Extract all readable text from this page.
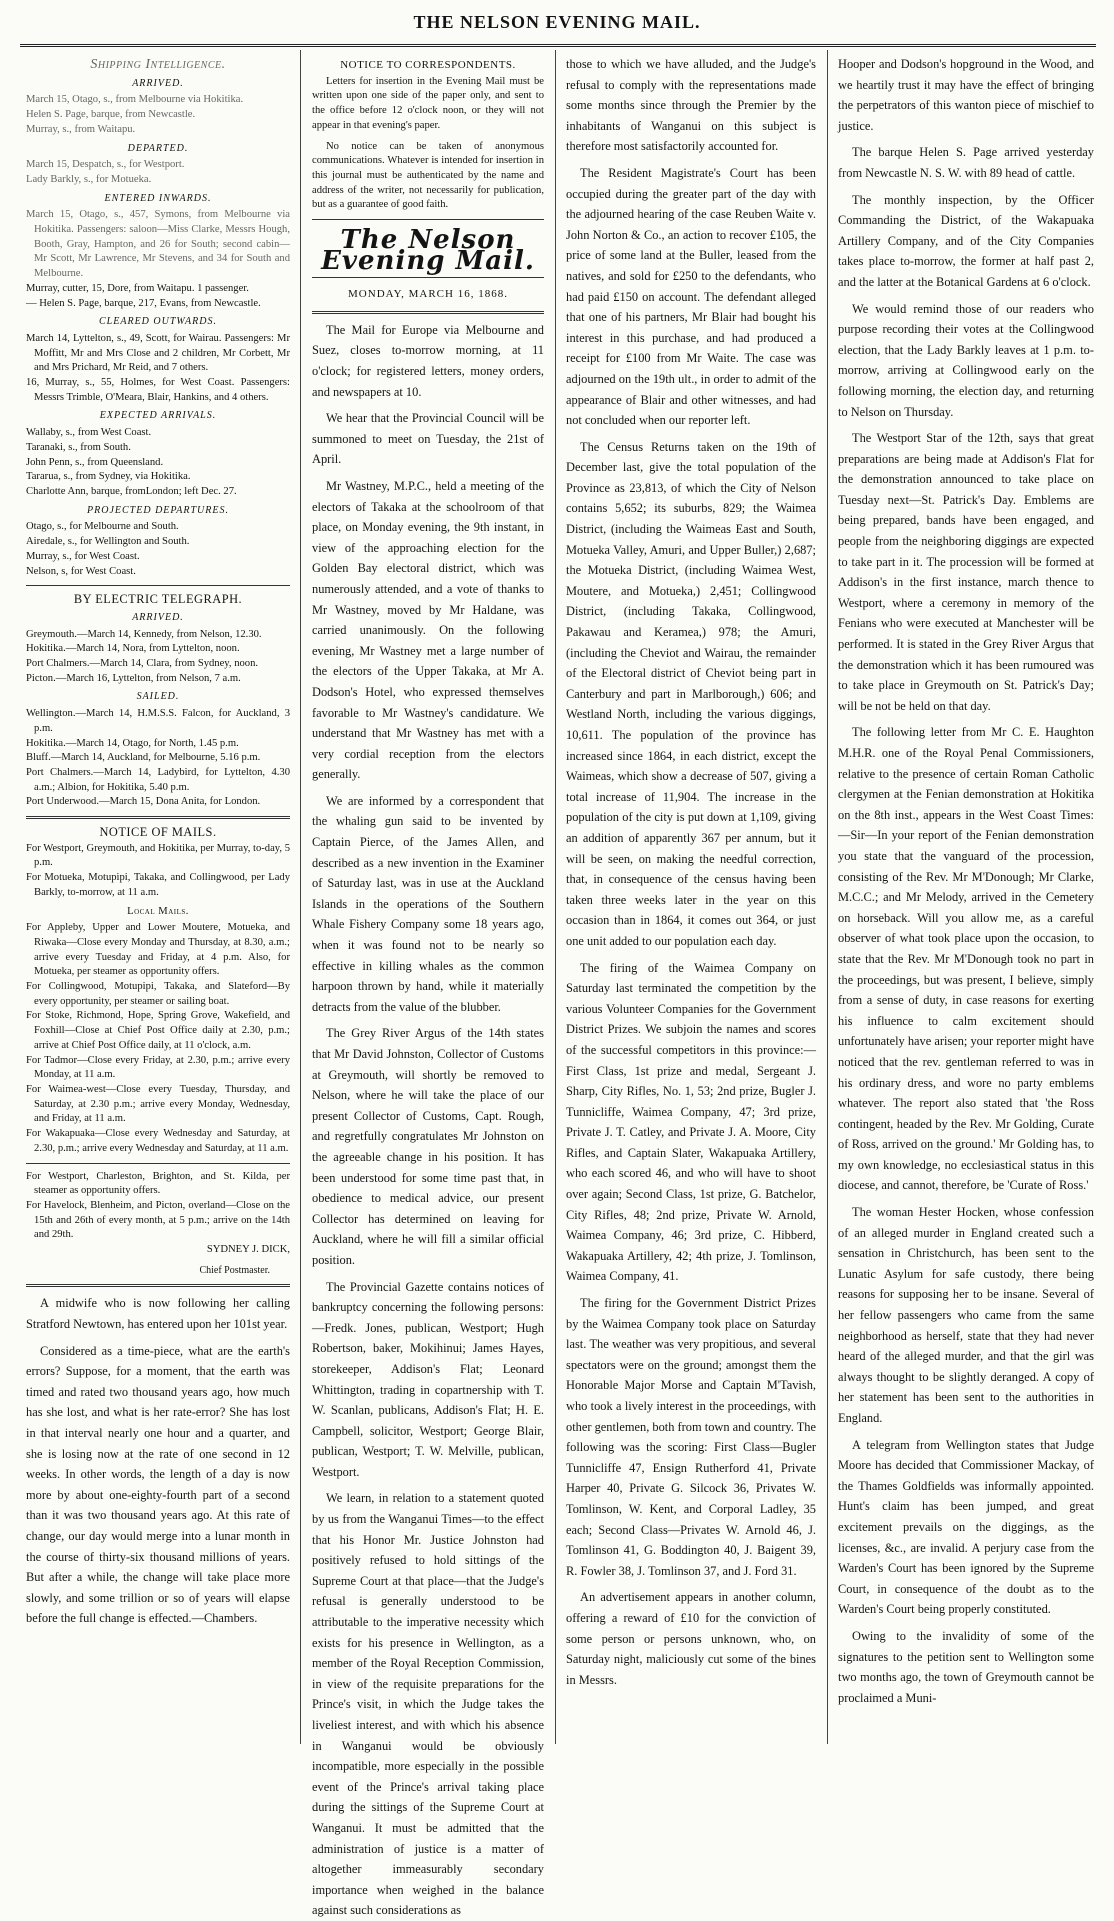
THE NELSON EVENING MAIL.
Shipping Intelligence.
ARRIVED.

March 15, Otago, s., from Melbourne via Hokitika.

Helen S. Page, barque, from Newcastle.

Murray, s., from Waitapu.

DEPARTED.

March 15, Despatch, s., for Westport.

Lady Barkly, s., for Motueka.

ENTERED INWARDS.

March 15, Otago, s., 457, Symons, from Melbourne via Hokitika. Passengers: saloon—Miss Clarke, Messrs Hough, Booth, Gray, Hampton, and 26 for South; second cabin—Mr Scott, Mr Lawrence, Mr Stevens, and 34 for South and Melbourne.

Murray, cutter, 15, Dore, from Waitapu. 1 passenger.

— Helen S. Page, barque, 217, Evans, from Newcastle.

CLEARED OUTWARDS.

March 14, Lyttelton, s., 49, Scott, for Wairau. Passengers: Mr Moffitt, Mr and Mrs Close and 2 children, Mr Corbett, Mr and Mrs Prichard, Mr Reid, and 7 others.

16, Murray, s., 55, Holmes, for West Coast. Passengers: Messrs Trimble, O'Meara, Blair, Hankins, and 4 others.

EXPECTED ARRIVALS.

Wallaby, s., from West Coast.

Taranaki, s., from South.

John Penn, s., from Queensland.

Tararua, s., from Sydney, via Hokitika.

Charlotte Ann, barque, fromLondon; left Dec. 27.

PROJECTED DEPARTURES.

Otago, s., for Melbourne and South.

Airedale, s., for Wellington and South.

Murray, s., for West Coast.

Nelson, s, for West Coast.

BY ELECTRIC TELEGRAPH.
ARRIVED.

Greymouth.—March 14, Kennedy, from Nelson, 12.30.

Hokitika.—March 14, Nora, from Lyttelton, noon.

Port Chalmers.—March 14, Clara, from Sydney, noon.

Picton.—March 16, Lyttelton, from Nelson, 7 a.m.

SAILED.

Wellington.—March 14, H.M.S.S. Falcon, for Auckland, 3 p.m.

Hokitika.—March 14, Otago, for North, 1.45 p.m.

Bluff.—March 14, Auckland, for Melbourne, 5.16 p.m.

Port Chalmers.—March 14, Ladybird, for Lyttelton, 4.30 a.m.; Albion, for Hokitika, 5.40 p.m.

Port Underwood.—March 15, Dona Anita, for London.

NOTICE OF MAILS.

For Westport, Greymouth, and Hokitika, per Murray, to-day, 5 p.m.

For Motueka, Motupipi, Takaka, and Collingwood, per Lady Barkly, to-morrow, at 11 a.m.

Local Mails.

For Appleby, Upper and Lower Moutere, Motueka, and Riwaka—Close every Monday and Thursday, at 8.30, a.m.; arrive every Tuesday and Friday, at 4 p.m. Also, for Motueka, per steamer as opportunity offers.

For Collingwood, Motupipi, Takaka, and Slateford—By every opportunity, per steamer or sailing boat.

For Stoke, Richmond, Hope, Spring Grove, Wakefield, and Foxhill—Close at Chief Post Office daily at 2.30, p.m.; arrive at Chief Post Office daily, at 11 o'clock, a.m.

For Tadmor—Close every Friday, at 2.30, p.m.; arrive every Monday, at 11 a.m.

For Waimea-west—Close every Tuesday, Thursday, and Saturday, at 2.30 p.m.; arrive every Monday, Wednesday, and Friday, at 11 a.m.

For Wakapuaka—Close every Wednesday and Saturday, at 2.30, p.m.; arrive every Wednesday and Saturday, at 11 a.m.

For Westport, Charleston, Brighton, and St. Kilda, per steamer as opportunity offers.

For Havelock, Blenheim, and Picton, overland—Close on the 15th and 26th of every month, at 5 p.m.; arrive on the 14th and 29th.

SYDNEY J. DICK,

Chief Postmaster.

A midwife who is now following her calling Stratford Newtown, has entered upon her 101st year.

Considered as a time-piece, what are the earth's errors? Suppose, for a moment, that the earth was timed and rated two thousand years ago, how much has she lost, and what is her rate-error? She has lost in that interval nearly one hour and a quarter, and she is losing now at the rate of one second in 12 weeks. In other words, the length of a day is now more by about one-eighty-fourth part of a second than it was two thousand years ago. At this rate of change, our day would merge into a lunar month in the course of thirty-six thousand millions of years. But after a while, the change will take place more slowly, and some trillion or so of years will elapse before the full change is effected.—Chambers.

NOTICE TO CORRESPONDENTS.

Letters for insertion in the Evening Mail must be written upon one side of the paper only, and sent to the office before 12 o'clock noon, or they will not appear in that evening's paper.

No notice can be taken of anonymous communications. Whatever is intended for insertion in this journal must be authenticated by the name and address of the writer, not necessarily for publication, but as a guarantee of good faith.

The Nelson Evening Mail.
MONDAY, MARCH 16, 1868.

The Mail for Europe via Melbourne and Suez, closes to-morrow morning, at 11 o'clock; for registered letters, money orders, and newspapers at 10.

We hear that the Provincial Council will be summoned to meet on Tuesday, the 21st of April.

Mr Wastney, M.P.C., held a meeting of the electors of Takaka at the schoolroom of that place, on Monday evening, the 9th instant, in view of the approaching election for the Golden Bay electoral district, which was numerously attended, and a vote of thanks to Mr Wastney, moved by Mr Haldane, was carried unanimously. On the following evening, Mr Wastney met a large number of the electors of the Upper Takaka, at Mr A. Dodson's Hotel, who expressed themselves favorable to Mr Wastney's candidature. We understand that Mr Wastney has met with a very cordial reception from the electors generally.

We are informed by a correspondent that the whaling gun said to be invented by Captain Pierce, of the James Allen, and described as a new invention in the Examiner of Saturday last, was in use at the Auckland Islands in the operations of the Southern Whale Fishery Company some 18 years ago, when it was found not to be nearly so effective in killing whales as the common harpoon thrown by hand, while it materially detracts from the value of the blubber.

The Grey River Argus of the 14th states that Mr David Johnston, Collector of Customs at Greymouth, will shortly be removed to Nelson, where he will take the place of our present Collector of Customs, Capt. Rough, and regretfully congratulates Mr Johnston on the agreeable change in his position. It has been understood for some time past that, in obedience to medical advice, our present Collector has determined on leaving for Auckland, where he will fill a similar official position.

The Provincial Gazette contains notices of bankruptcy concerning the following persons:—Fredk. Jones, publican, Westport; Hugh Robertson, baker, Mokihinui; James Hayes, storekeeper, Addison's Flat; Leonard Whittington, trading in copartnership with T. W. Scanlan, publicans, Addison's Flat; H. E. Campbell, solicitor, Westport; George Blair, publican, Westport; T. W. Melville, publican, Westport.

We learn, in relation to a statement quoted by us from the Wanganui Times—to the effect that his Honor Mr. Justice Johnston had positively refused to hold sittings of the Supreme Court at that place—that the Judge's refusal is generally understood to be attributable to the imperative necessity which exists for his presence in Wellington, as a member of the Royal Reception Commission, in view of the requisite preparations for the Prince's visit, in which the Judge takes the liveliest interest, and with which his absence in Wanganui would be obviously incompatible, more especially in the possible event of the Prince's arrival taking place during the sittings of the Supreme Court at Wanganui. It must be admitted that the administration of justice is a matter of altogether immeasurably secondary importance when weighed in the balance against such considerations as

those to which we have alluded, and the Judge's refusal to comply with the representations made some months since through the Premier by the inhabitants of Wanganui on this subject is therefore most satisfactorily accounted for.

The Resident Magistrate's Court has been occupied during the greater part of the day with the adjourned hearing of the case Reuben Waite v. John Norton & Co., an action to recover £105, the price of some land at the Buller, leased from the natives, and sold for £250 to the defendants, who had paid £150 on account. The defendant alleged that one of his partners, Mr Blair had bought his interest in this purchase, and had produced a receipt for £100 from Mr Waite. The case was adjourned on the 19th ult., in order to admit of the appearance of Blair and other witnesses, and had not concluded when our reporter left.

The Census Returns taken on the 19th of December last, give the total population of the Province as 23,813, of which the City of Nelson contains 5,652; its suburbs, 829; the Waimea District, (including the Waimeas East and South, Motueka Valley, Amuri, and Upper Buller,) 2,687; the Motueka District, (including Waimea West, Moutere, and Motueka,) 2,451; Collingwood District, (including Takaka, Collingwood, Pakawau and Keramea,) 978; the Amuri, (including the Cheviot and Wairau, the remainder of the Electoral district of Cheviot being part in Canterbury and part in Marlborough,) 606; and Westland North, including the various diggings, 10,611. The population of the province has increased since 1864, in each district, except the Waimeas, which show a decrease of 507, giving a total increase of 11,904. The increase in the population of the city is put down at 1,109, giving an addition of apparently 367 per annum, but it will be seen, on making the needful correction, that, in consequence of the census having been taken three weeks later in the year on this occasion than in 1864, it comes out 364, or just one unit added to our population each day.

The firing of the Waimea Company on Saturday last terminated the competition by the various Volunteer Companies for the Government District Prizes. We subjoin the names and scores of the successful competitors in this province:—First Class, 1st prize and medal, Sergeant J. Sharp, City Rifles, No. 1, 53; 2nd prize, Bugler J. Tunnicliffe, Waimea Company, 47; 3rd prize, Private J. T. Catley, and Private J. A. Moore, City Rifles, and Captain Slater, Wakapuaka Artillery, who each scored 46, and who will have to shoot over again; Second Class, 1st prize, G. Batchelor, City Rifles, 48; 2nd prize, Private W. Arnold, Waimea Company, 46; 3rd prize, C. Hibberd, Wakapuaka Artillery, 42; 4th prize, J. Tomlinson, Waimea Company, 41.

The firing for the Government District Prizes by the Waimea Company took place on Saturday last. The weather was very propitious, and several spectators were on the ground; amongst them the Honorable Major Morse and Captain M'Tavish, who took a lively interest in the proceedings, with other gentlemen, both from town and country. The following was the scoring: First Class—Bugler Tunnicliffe 47, Ensign Rutherford 41, Private Harper 40, Private G. Silcock 36, Privates W. Tomlinson, W. Kent, and Corporal Ladley, 35 each; Second Class—Privates W. Arnold 46, J. Tomlinson 41, G. Boddington 40, J. Baigent 39, R. Fowler 38, J. Tomlinson 37, and J. Ford 31.

An advertisement appears in another column, offering a reward of £10 for the conviction of some person or persons unknown, who, on Saturday night, maliciously cut some of the bines in Messrs.

Hooper and Dodson's hopground in the Wood, and we heartily trust it may have the effect of bringing the perpetrators of this wanton piece of mischief to justice.

The barque Helen S. Page arrived yesterday from Newcastle N. S. W. with 89 head of cattle.

The monthly inspection, by the Officer Commanding the District, of the Wakapuaka Artillery Company, and of the City Companies takes place to-morrow, the former at half past 2, and the latter at the Botanical Gardens at 6 o'clock.

We would remind those of our readers who purpose recording their votes at the Collingwood election, that the Lady Barkly leaves at 1 p.m. to-morrow, arriving at Collingwood early on the following morning, the election day, and returning to Nelson on Thursday.

The Westport Star of the 12th, says that great preparations are being made at Addison's Flat for the demonstration announced to take place on Tuesday next—St. Patrick's Day. Emblems are being prepared, bands have been engaged, and people from the neighboring diggings are expected to take part in it. The procession will be formed at Addison's in the first instance, march thence to Westport, where a ceremony in memory of the Fenians who were executed at Manchester will be performed. It is stated in the Grey River Argus that the demonstration which it has been rumoured was to take place in Greymouth on St. Patrick's Day; will be not be held on that day.

The following letter from Mr C. E. Haughton M.H.R. one of the Royal Penal Commissioners, relative to the presence of certain Roman Catholic clergymen at the Fenian demonstration at Hokitika on the 8th inst., appears in the West Coast Times:—Sir—In your report of the Fenian demonstration you state that the vanguard of the procession, consisting of the Rev. Mr M'Donough; Mr Clarke, M.C.C.; and Mr Melody, arrived in the Cemetery on horseback. Will you allow me, as a careful observer of what took place upon the occasion, to state that the Rev. Mr M'Donough took no part in the proceedings, but was present, I believe, simply from a sense of duty, in case reasons for exerting his influence to calm excitement should unfortunately have arisen; your reporter might have noticed that the rev. gentleman referred to was in his ordinary dress, and wore no party emblems whatever. The report also stated that 'the Ross contingent, headed by the Rev. Mr Golding, Curate of Ross, arrived on the ground.' Mr Golding has, to my own knowledge, no ecclesiastical status in this diocese, and cannot, therefore, be 'Curate of Ross.'

The woman Hester Hocken, whose confession of an alleged murder in England created such a sensation in Christchurch, has been sent to the Lunatic Asylum for safe custody, there being reasons for supposing her to be insane. Several of her fellow passengers who came from the same neighborhood as herself, state that they had never heard of the alleged murder, and that the girl was always thought to be slightly deranged. A copy of her statement has been sent to the authorities in England.

A telegram from Wellington states that Judge Moore has decided that Commissioner Mackay, of the Thames Goldfields was informally appointed. Hunt's claim has been jumped, and great excitement prevails on the diggings, as the licenses, &c., are invalid. A perjury case from the Warden's Court has been ignored by the Supreme Court, in consequence of the doubt as to the Warden's Court being properly constituted.

Owing to the invalidity of some of the signatures to the petition sent to Wellington some two months ago, the town of Greymouth cannot be proclaimed a Muni-
